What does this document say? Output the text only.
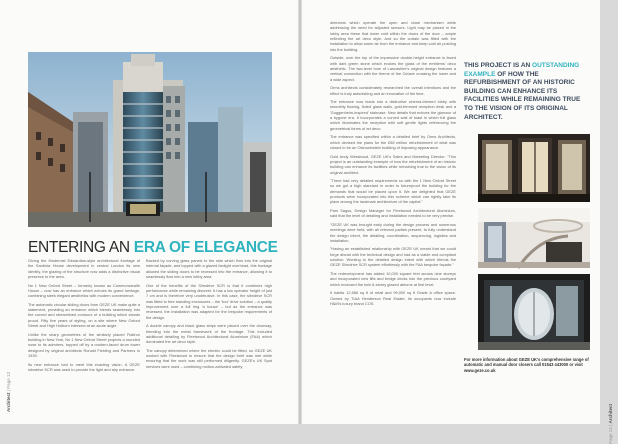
ENTERING AN ERA OF ELEGANCE

Giving the Modernist Edwardian-style architectural frontage of the Sardinia House development in central London its new identity, the glazing of the structure now adds a distinctive visual presence to the area.

No 1 New Oxford Street – formerly known as Commonwealth House – now has an entrance which echoes its grand heritage, combining sleek elegant aesthetics with modern convenience.

The automatic circular sliding doors from GEZE UK make quite a statement, providing an entrance which blends seamlessly into the curved and streamlined contours of a building which stands proud. Fifty five years of styling, on a site where New Oxford Street and High Holborn intersect at an acute angle.

Unlike the sharp geometries of the similarly placed Flatiron building in New York, No 1 New Oxford Street projects a rounded nose to its admirers, topped off by a modern-faced drum tower designed by original architects Ronald Fielding and Partners in 1939.

Its new entrance had to meet this exacting vision. A GEZE slimdrive SCR was used to provide the light and airy entrance.

Backed by curving glass panels to the side which flow into the original internal façade, and topped with a glazed fanlight overhead, this frontage allowed the sliding doors to be recessed into the entrance, allowing it to seamlessly flow into a new lobby area.

One of the benefits of the Slimdrive SCR is that it combines high performance while remaining discreet. It has a low operator height of just 7 cm and is therefore very unobtrusive. In this case, the slimdrive SCR was fitted to free standing enclosures – the 'box' drive solution – a quality improvement over a full ring 'a house' – but as the entrance was recessed, the installation was adapted for the bespoke requirements of the design.

A double canopy and black glass strips were placed over the doorway, blending into the metal framework of the frontage. This included additional detailing by Fleetwood Architectural Aluminium (FAA) which dominated the art deco style.

The canopy determined where the electric could be fitted, so GEZE UK worked with Fleetwood to ensure that the design brief was met while ensuring that the work was still performed diligently. GEZE's UK Spot services were used – combining motion-activated safety

Architect | Page 13

detectors which operate the open and close mechanism while addressing the need for adjusted sensors. Light may be placed in the lobby area these that lower cold within the doors of the door – ample reflecting the art deco style. And so the curtain was fitted with the installation to allow warm air from the entrance and keep cold air pushing into the building.

Outside, over the top of the impressive double-height entrance is faced with dark green stone which evokes the glass of the emblems' deco aesthetic. The two-level tone of Lancashire's original design features a vertical connection with the theme of the Octave crossing the lower and a wide aspect.

Orms architects considerately researched the overall intentions and the effect is truly astonishing and an innovation of the time.

The entrance now leads into a distinctive cinema-themed lobby with smoothly flowing, fluted glass walls, gold-trimmed reception desk and a 'Guggenheim-inspired' staircase. New details that echoes the glamour of a bygone era. It incorporates a curved wall of toast in which full glass which illuminates the reception with soft gentle lights referencing the geometrical forms of art deco.

The entrance was specified within a detailed brief by Orms Architects, which devised the plans for the £58 million refurbishment of what was closed to be an Ostrowinstein building of imposing appearance.

Gold Andy Westwood, GEZE UK's Sales and Marketing Director: "This project is an outstanding example of how the refurbishment of an historic building can enhance its facilities while remaining true to the vision of its original architect.

"There had very detailed requirements so with the 1 New Oxford Street so we got a high standard in order to futureproof the building for the demands that would be placed upon it. We are delighted that GEZE products were incorporated into this scheme which can rightly take its place among the landmark architecture of the capital."

Pam Sagus, Design Manager for Fleetwood Architectural Aluminium, said that the level of detailing and installation needed to be very precise.

"GEZE UK was brought early during the design process and numerous meetings were held, with all relevant parties present, to fully understand the design intent, the detailing, coordination, sequencing, logistics and installation.

"Having an established relationship with GEZE UK meant that we could forge ahead with the technical design and had as a viable and compliant solution. Working to the detailed design intent with which blends the GEZE Slimdrive SCR system effortlessly with the FAA bespoke façade."

The redevelopment has added 10,000 square feet across nine storeys and incorporated new lifts and bridge decks into the previous courtyard which enclosed the twin 6-storey glazed atriums at first level.

It habits 12,586 sq ft of retail and 99,000 sq ft Grade A office space. Owned by TIAA Henderson Real Estate, its occupants now include H&M's luxury brand COS.

THIS PROJECT IS AN OUTSTANDING EXAMPLE OF HOW THE REFURBISHMENT OF AN HISTORIC BUILDING CAN ENHANCE ITS FACILITIES WHILE REMAINING TRUE TO THE VISION OF ITS ORIGINAL ARCHITECT.
For more information about GEZE UK's comprehensive range of automatic and manual door closers call 01543 443000 or visit www.geze.co.uk
Page 14 | Architect
